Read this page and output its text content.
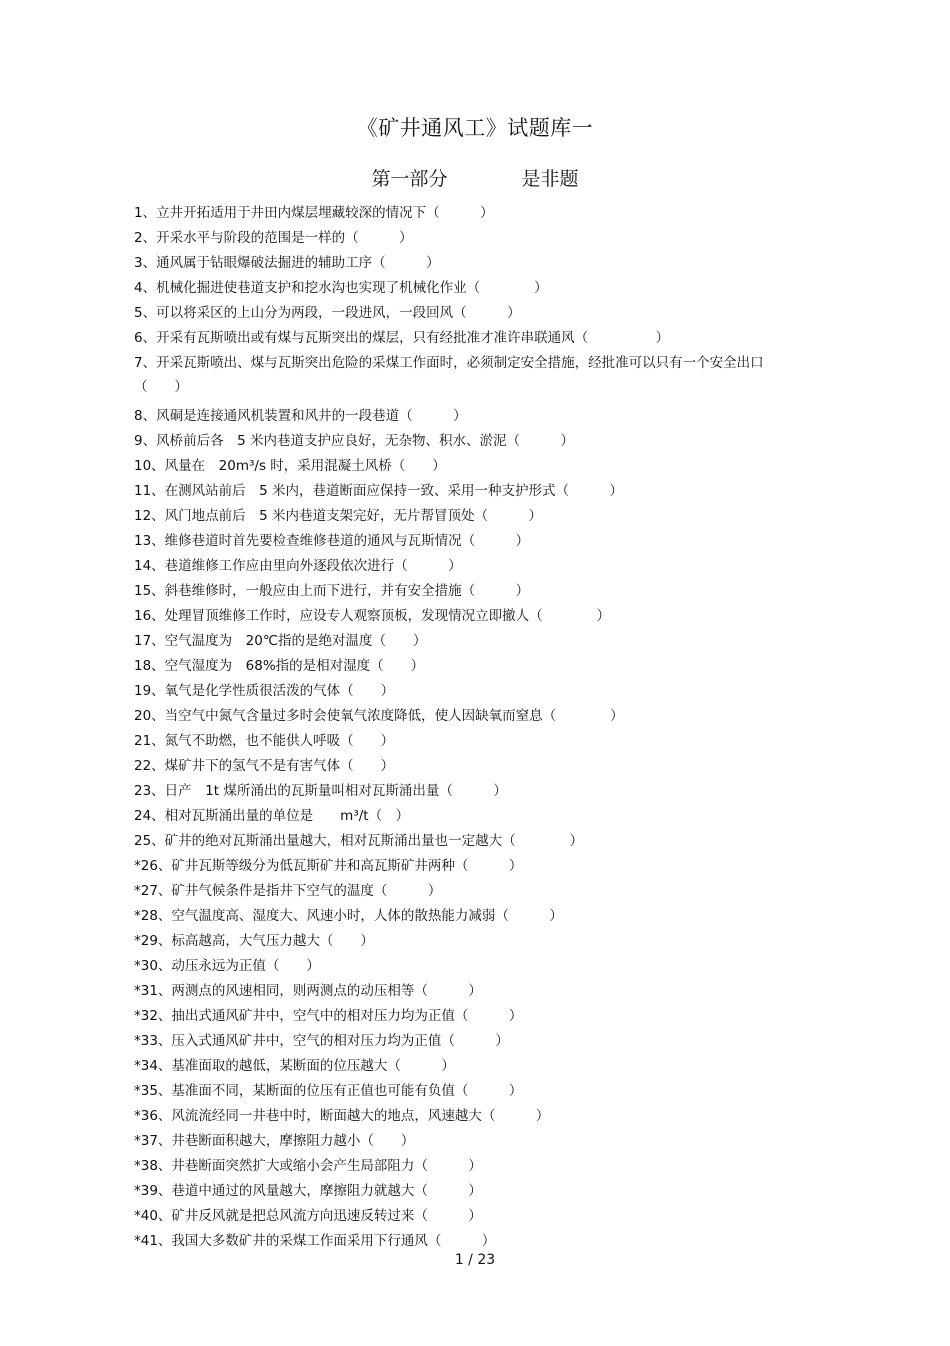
《矿井通风工》试题库一
第一部分	是非题
1、立井开拓适用于井田内煤层埋藏较深的情况下（　　　）
2、开采水平与阶段的范围是一样的（　　　）
3、通风属于钻眼爆破法掘进的辅助工序（　　　）
4、机械化掘进使巷道支护和挖水沟也实现了机械化作业（　　　　）
5、可以将采区的上山分为两段，一段进风，一段回风（　　　）
6、开采有瓦斯喷出或有煤与瓦斯突出的煤层，只有经批准才准许串联通风（　　　　　）
7、开采瓦斯喷出、煤与瓦斯突出危险的采煤工作面时，必须制定安全措施，经批准可以只有一个安全出口（　　）
8、风硐是连接通风机装置和风井的一段巷道（　　　）
9、风桥前后各　5 米内巷道支护应良好，无杂物、积水、淤泥（　　　）
10、风量在　20m³/s 时，采用混凝土风桥（　　）
11、在测风站前后　5 米内，巷道断面应保持一致、采用一种支护形式（　　　）
12、风门地点前后　5 米内巷道支架完好，无片帮冒顶处（　　　）
13、维修巷道时首先要检查维修巷道的通风与瓦斯情况（　　　）
14、巷道维修工作应由里向外逐段依次进行（　　　）
15、斜巷维修时，一般应由上而下进行，并有安全措施（　　　）
16、处理冒顶维修工作时，应设专人观察顶板，发现情况立即撤人（　　　　）
17、空气温度为　20℃指的是绝对温度（　　）
18、空气湿度为　68%指的是相对湿度（　　）
19、氧气是化学性质很活泼的气体（　　）
20、当空气中氮气含量过多时会使氧气浓度降低，使人因缺氧而窒息（　　　　）
21、氮气不助燃，也不能供人呼吸（　　）
22、煤矿井下的氢气不是有害气体（　　）
23、日产　1t 煤所涌出的瓦斯量叫相对瓦斯涌出量（　　　）
24、相对瓦斯涌出量的单位是　　m³/t（　）
25、矿井的绝对瓦斯涌出量越大，相对瓦斯涌出量也一定越大（　　　　）
*26、矿井瓦斯等级分为低瓦斯矿井和高瓦斯矿井两种（　　　）
*27、矿井气候条件是指井下空气的温度（　　　）
*28、空气温度高、湿度大、风速小时，人体的散热能力减弱（　　　）
*29、标高越高，大气压力越大（　　）
*30、动压永远为正值（　　）
*31、两测点的风速相同，则两测点的动压相等（　　　）
*32、抽出式通风矿井中，空气中的相对压力均为正值（　　　）
*33、压入式通风矿井中，空气的相对压力均为正值（　　　）
*34、基准面取的越低，某断面的位压越大（　　　）
*35、基准面不同，某断面的位压有正值也可能有负值（　　　）
*36、风流流经同一井巷中时，断面越大的地点，风速越大（　　　）
*37、井巷断面积越大，摩擦阻力越小（　　）
*38、井巷断面突然扩大或缩小会产生局部阻力（　　　）
*39、巷道中通过的风量越大，摩擦阻力就越大（　　　）
*40、矿井反风就是把总风流方向迅速反转过来（　　　）
*41、我国大多数矿井的采煤工作面采用下行通风（　　　）
1 / 23
